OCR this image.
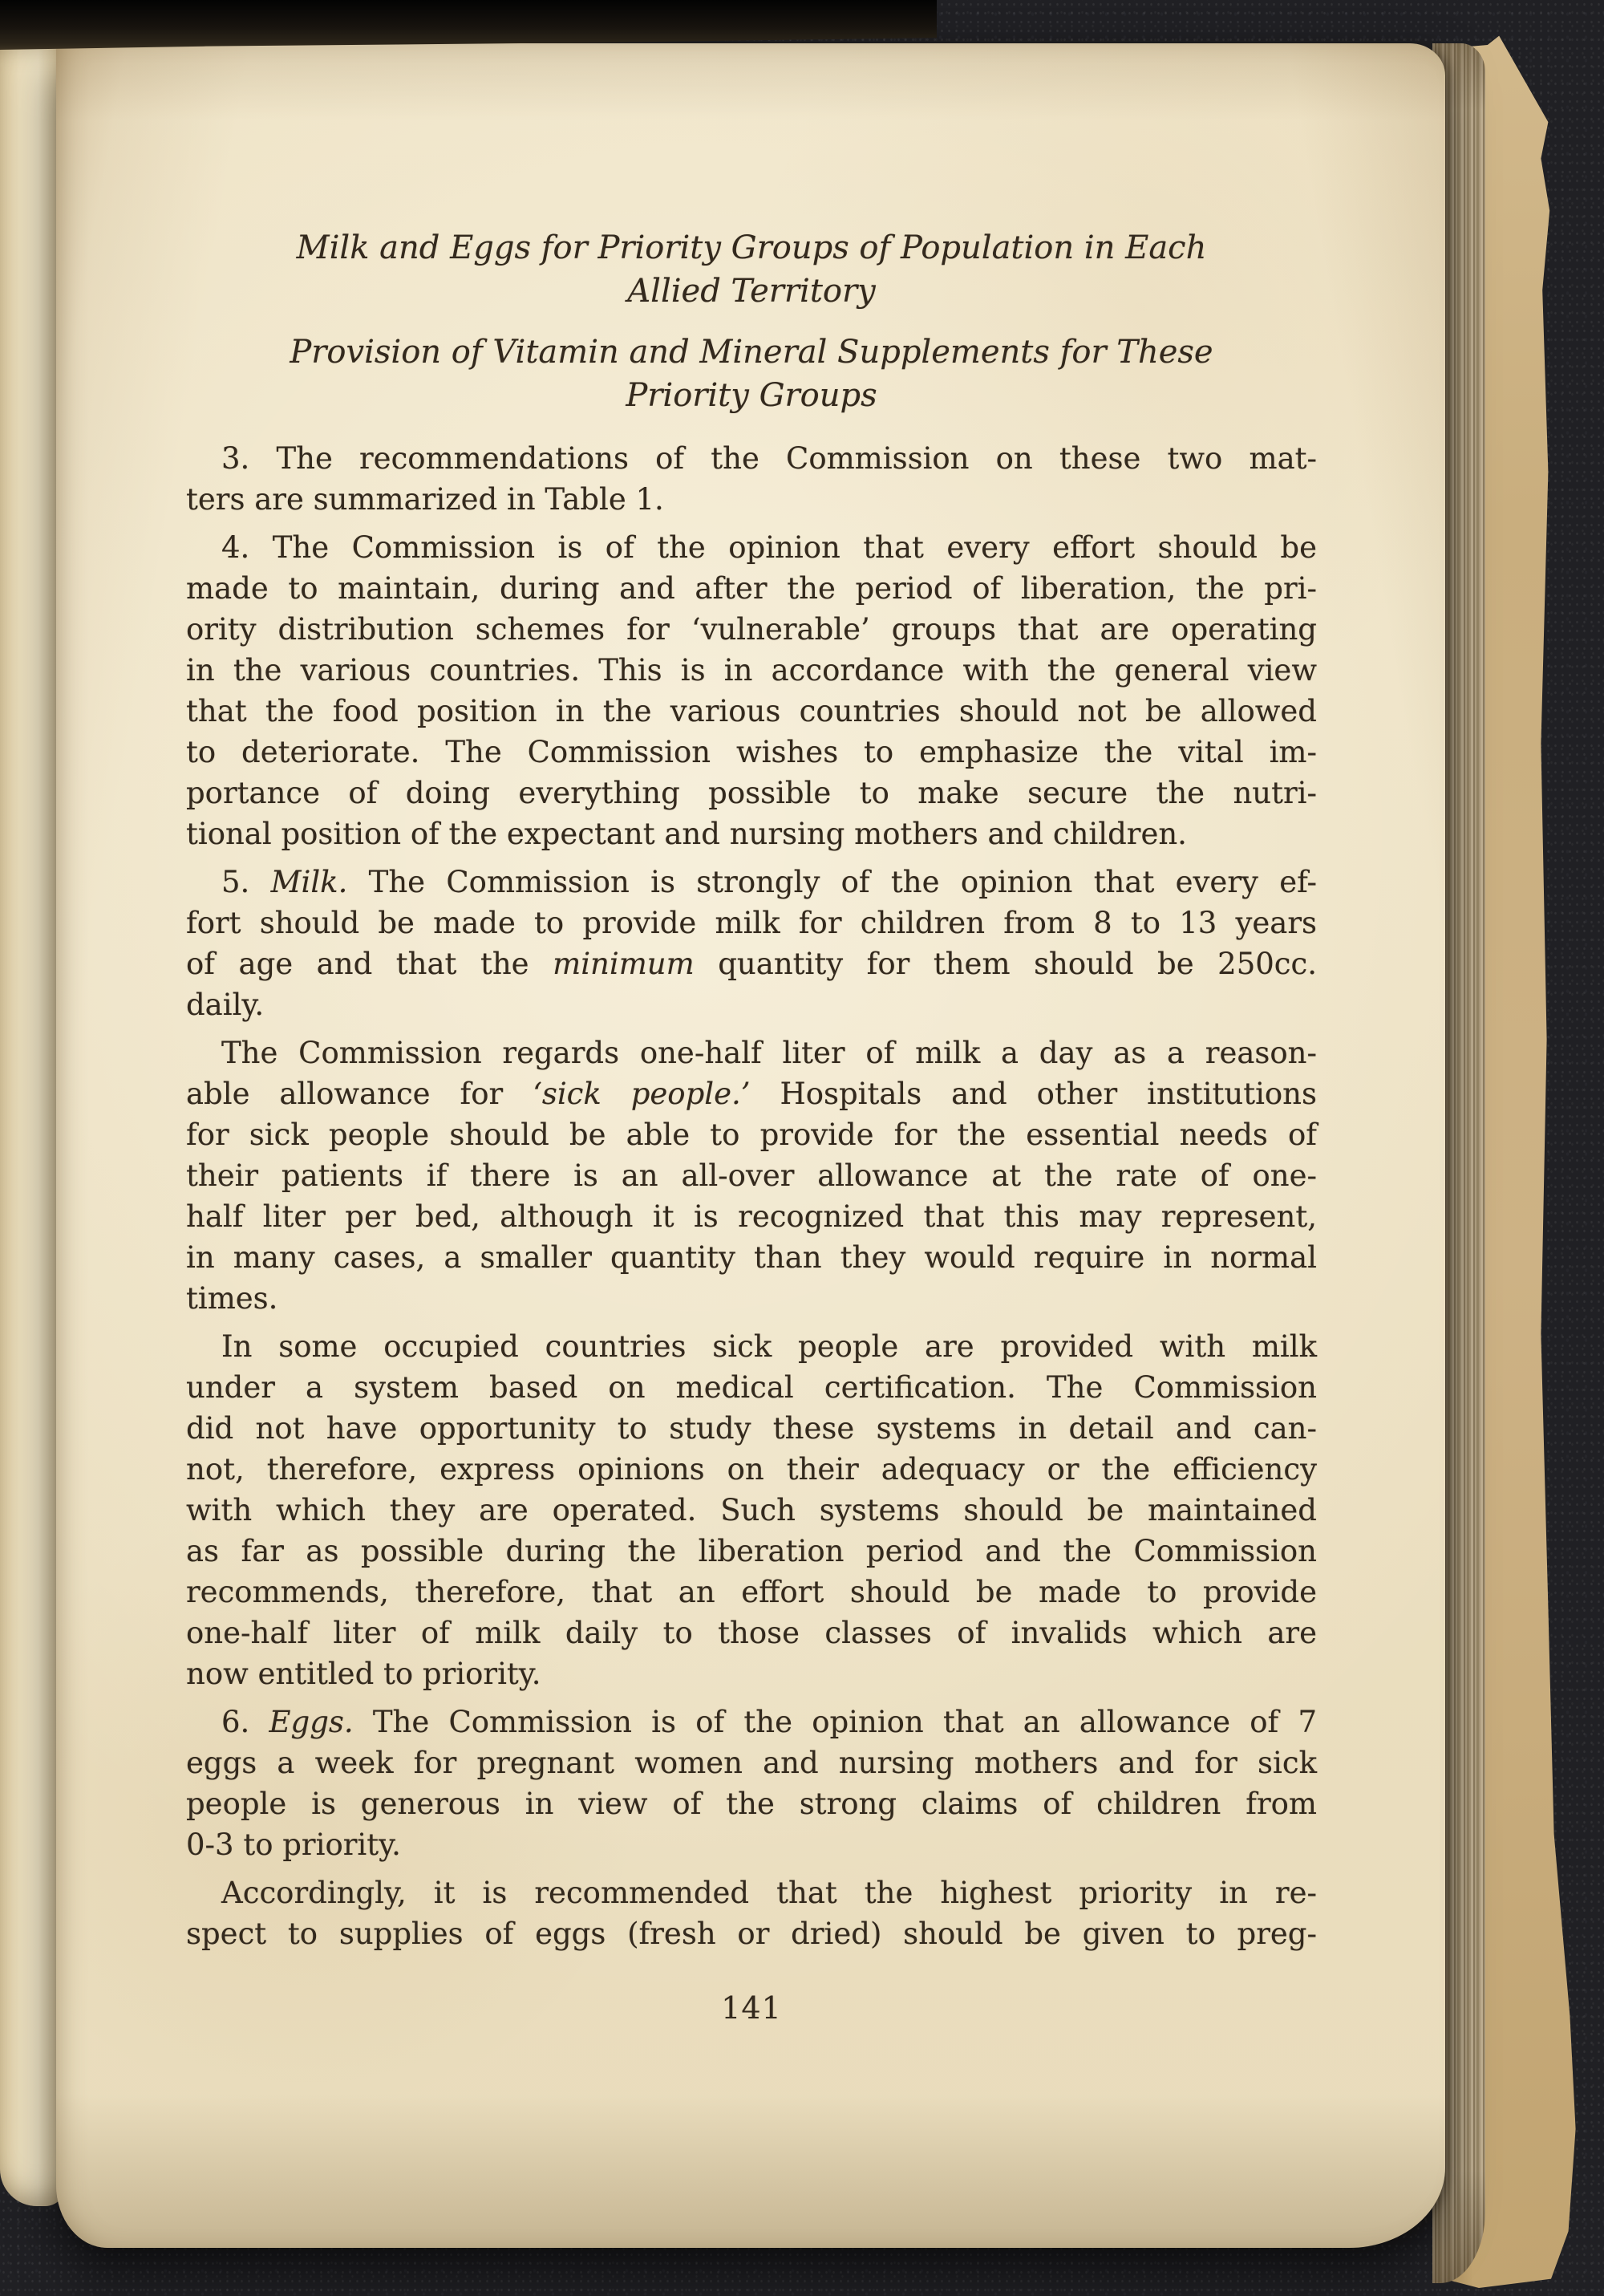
Milk and Eggs for Priority Groups of Population in Each
Allied Territory
Provision of Vitamin and Mineral Supplements for These
Priority Groups
3. The recommendations of the Commission on these two mat-
ters are summarized in Table 1.
4. The Commission is of the opinion that every effort should be
made to maintain, during and after the period of liberation, the pri-
ority distribution schemes for ‘vulnerable’ groups that are operating
in the various countries. This is in accordance with the general view
that the food position in the various countries should not be allowed
to deteriorate. The Commission wishes to emphasize the vital im-
portance of doing everything possible to make secure the nutri-
tional position of the expectant and nursing mothers and children.
5. Milk. The Commission is strongly of the opinion that every ef-
fort should be made to provide milk for children from 8 to 13 years
of age and that the minimum quantity for them should be 250cc.
daily.
The Commission regards one-half liter of milk a day as a reason-
able allowance for ‘sick people.’ Hospitals and other institutions
for sick people should be able to provide for the essential needs of
their patients if there is an all-over allowance at the rate of one-
half liter per bed, although it is recognized that this may represent,
in many cases, a smaller quantity than they would require in normal
times.
In some occupied countries sick people are provided with milk
under a system based on medical certification. The Commission
did not have opportunity to study these systems in detail and can-
not, therefore, express opinions on their adequacy or the efficiency
with which they are operated. Such systems should be maintained
as far as possible during the liberation period and the Commission
recommends, therefore, that an effort should be made to provide
one-half liter of milk daily to those classes of invalids which are
now entitled to priority.
6. Eggs. The Commission is of the opinion that an allowance of 7
eggs a week for pregnant women and nursing mothers and for sick
people is generous in view of the strong claims of children from
0-3 to priority.
Accordingly, it is recommended that the highest priority in re-
spect to supplies of eggs (fresh or dried) should be given to preg-
141
